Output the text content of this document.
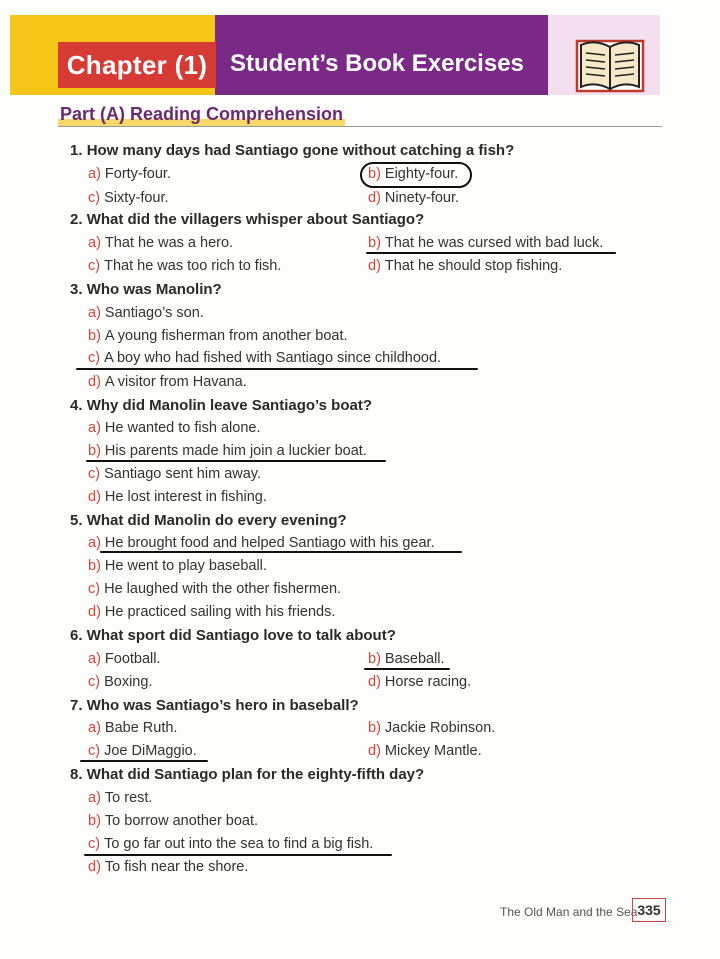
Chapter (1) Student’s Book Exercises
Part (A) Reading Comprehension
1. How many days had Santiago gone without catching a fish?
a) Forty-four.	b) Eighty-four.
c) Sixty-four.	d) Ninety-four.
2. What did the villagers whisper about Santiago?
a) That he was a hero.	b) That he was cursed with bad luck.
c) That he was too rich to fish.	d) That he should stop fishing.
3. Who was Manolin?
a) Santiago’s son.
b) A young fisherman from another boat.
c) A boy who had fished with Santiago since childhood.
d) A visitor from Havana.
4. Why did Manolin leave Santiago’s boat?
a) He wanted to fish alone.
b) His parents made him join a luckier boat.
c) Santiago sent him away.
d) He lost interest in fishing.
5. What did Manolin do every evening?
a) He brought food and helped Santiago with his gear.
b) He went to play baseball.
c) He laughed with the other fishermen.
d) He practiced sailing with his friends.
6. What sport did Santiago love to talk about?
a) Football.	b) Baseball.
c) Boxing.	d) Horse racing.
7. Who was Santiago’s hero in baseball?
a) Babe Ruth.	b) Jackie Robinson.
c) Joe DiMaggio.	d) Mickey Mantle.
8. What did Santiago plan for the eighty-fifth day?
a) To rest.
b) To borrow another boat.
c) To go far out into the sea to find a big fish.
d) To fish near the shore.
The Old Man and the Sea 335
